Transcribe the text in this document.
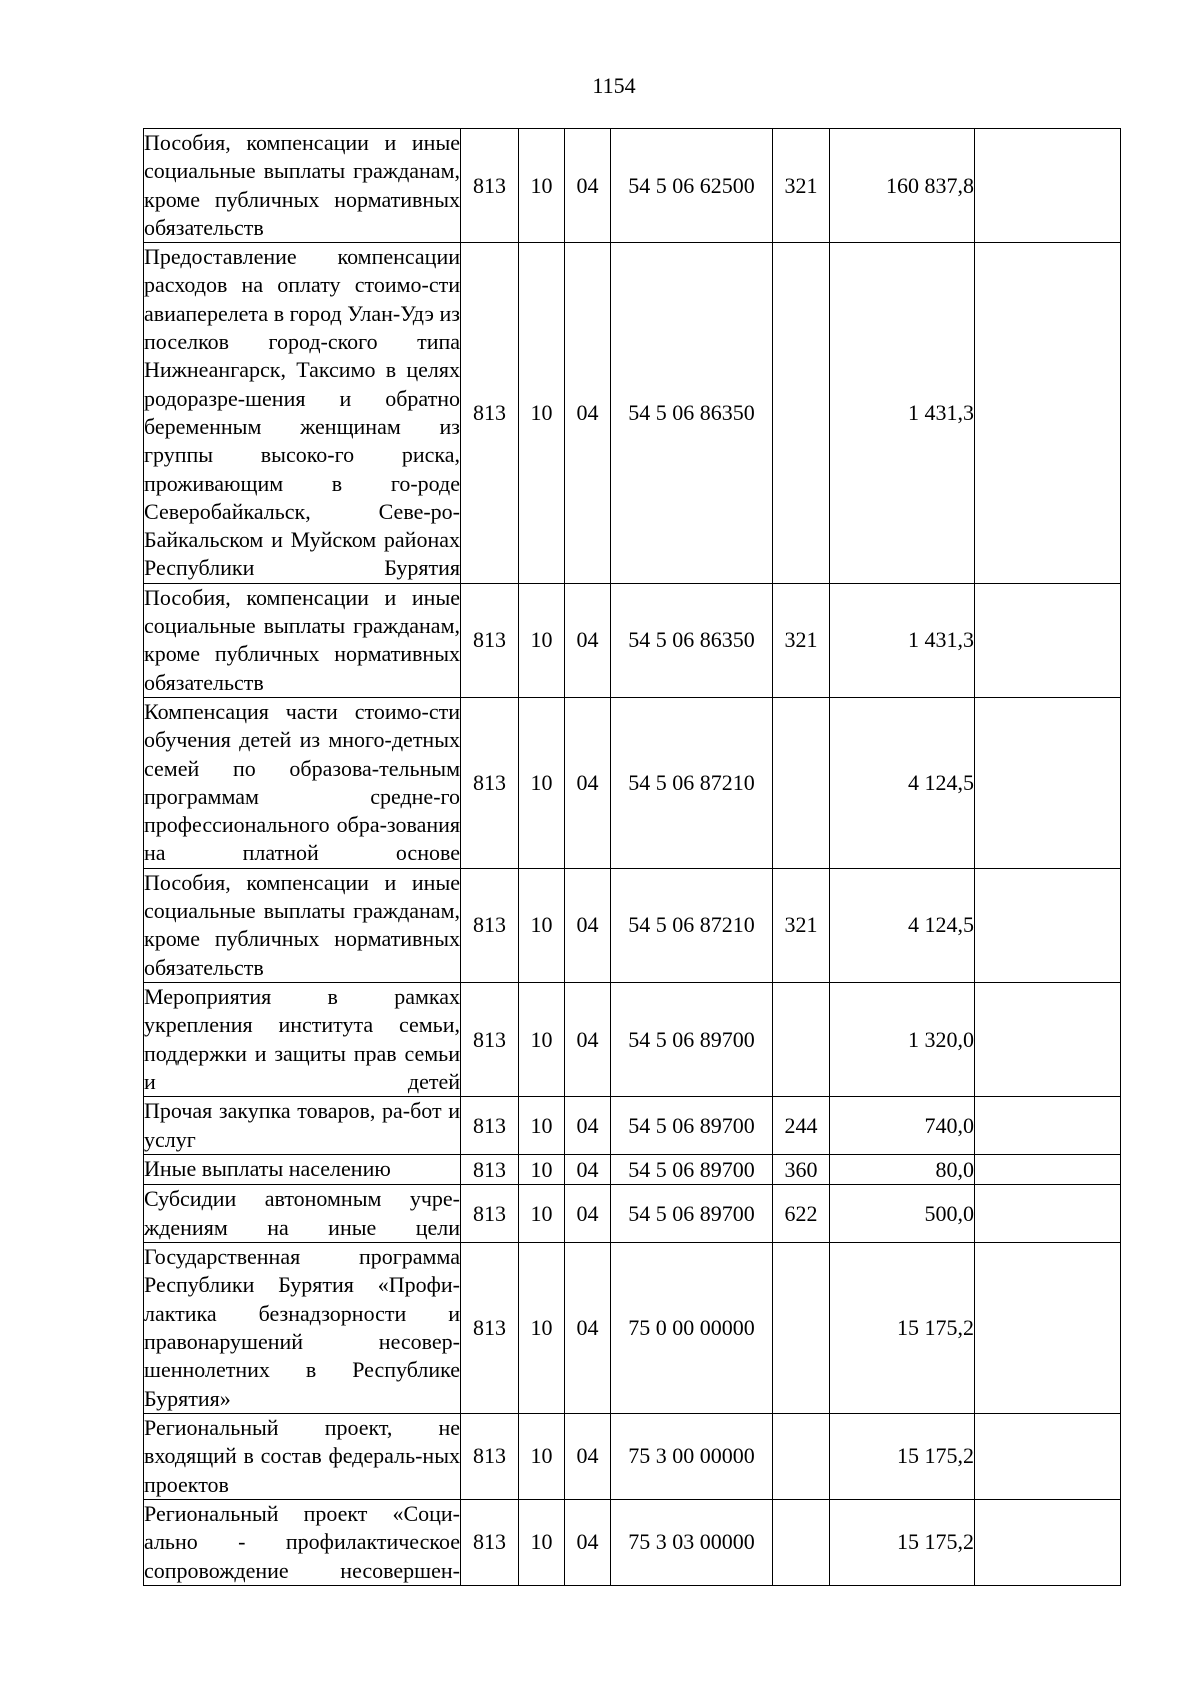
1154
Пособия, компенсации и иные социальные выплаты гражданам, кроме публичных нормативных обязательств	813	10	04	54 5 06 62500	321	160 837,8	
Предоставление компенсации расходов на оплату стоимо-сти авиаперелета в город Улан-Удэ из поселков город-ского типа Нижнеангарск, Таксимо в целях родоразре-шения и обратно беременным женщинам из группы высоко-го риска, проживающим в го-роде Северобайкальск, Севе-ро-Байкальском и Муйском районах Республики Бурятия	813	10	04	54 5 06 86350		1 431,3	
Пособия, компенсации и иные социальные выплаты гражданам, кроме публичных нормативных обязательств	813	10	04	54 5 06 86350	321	1 431,3	
Компенсация части стоимо-сти обучения детей из много-детных семей по образова-тельным программам средне-го профессионального обра-зования на платной основе	813	10	04	54 5 06 87210		4 124,5	
Пособия, компенсации и иные социальные выплаты гражданам, кроме публичных нормативных обязательств	813	10	04	54 5 06 87210	321	4 124,5	
Мероприятия в рамках укрепления института семьи, поддержки и защиты прав семьи и детей	813	10	04	54 5 06 89700		1 320,0	
Прочая закупка товаров, ра-бот и услуг	813	10	04	54 5 06 89700	244	740,0	
Иные выплаты населению	813	10	04	54 5 06 89700	360	80,0	
Субсидии автономным учре-ждениям на иные цели	813	10	04	54 5 06 89700	622	500,0	
Государственная программа Республики Бурятия «Профи-лактика безнадзорности и правонарушений несовер-шеннолетних в Республике Бурятия»	813	10	04	75 0 00 00000		15 175,2	
Региональный проект, не входящий в состав федераль-ных проектов	813	10	04	75 3 00 00000		15 175,2	
Региональный проект «Соци-ально - профилактическое сопровождение несовершен-	813	10	04	75 3 03 00000		15 175,2	
